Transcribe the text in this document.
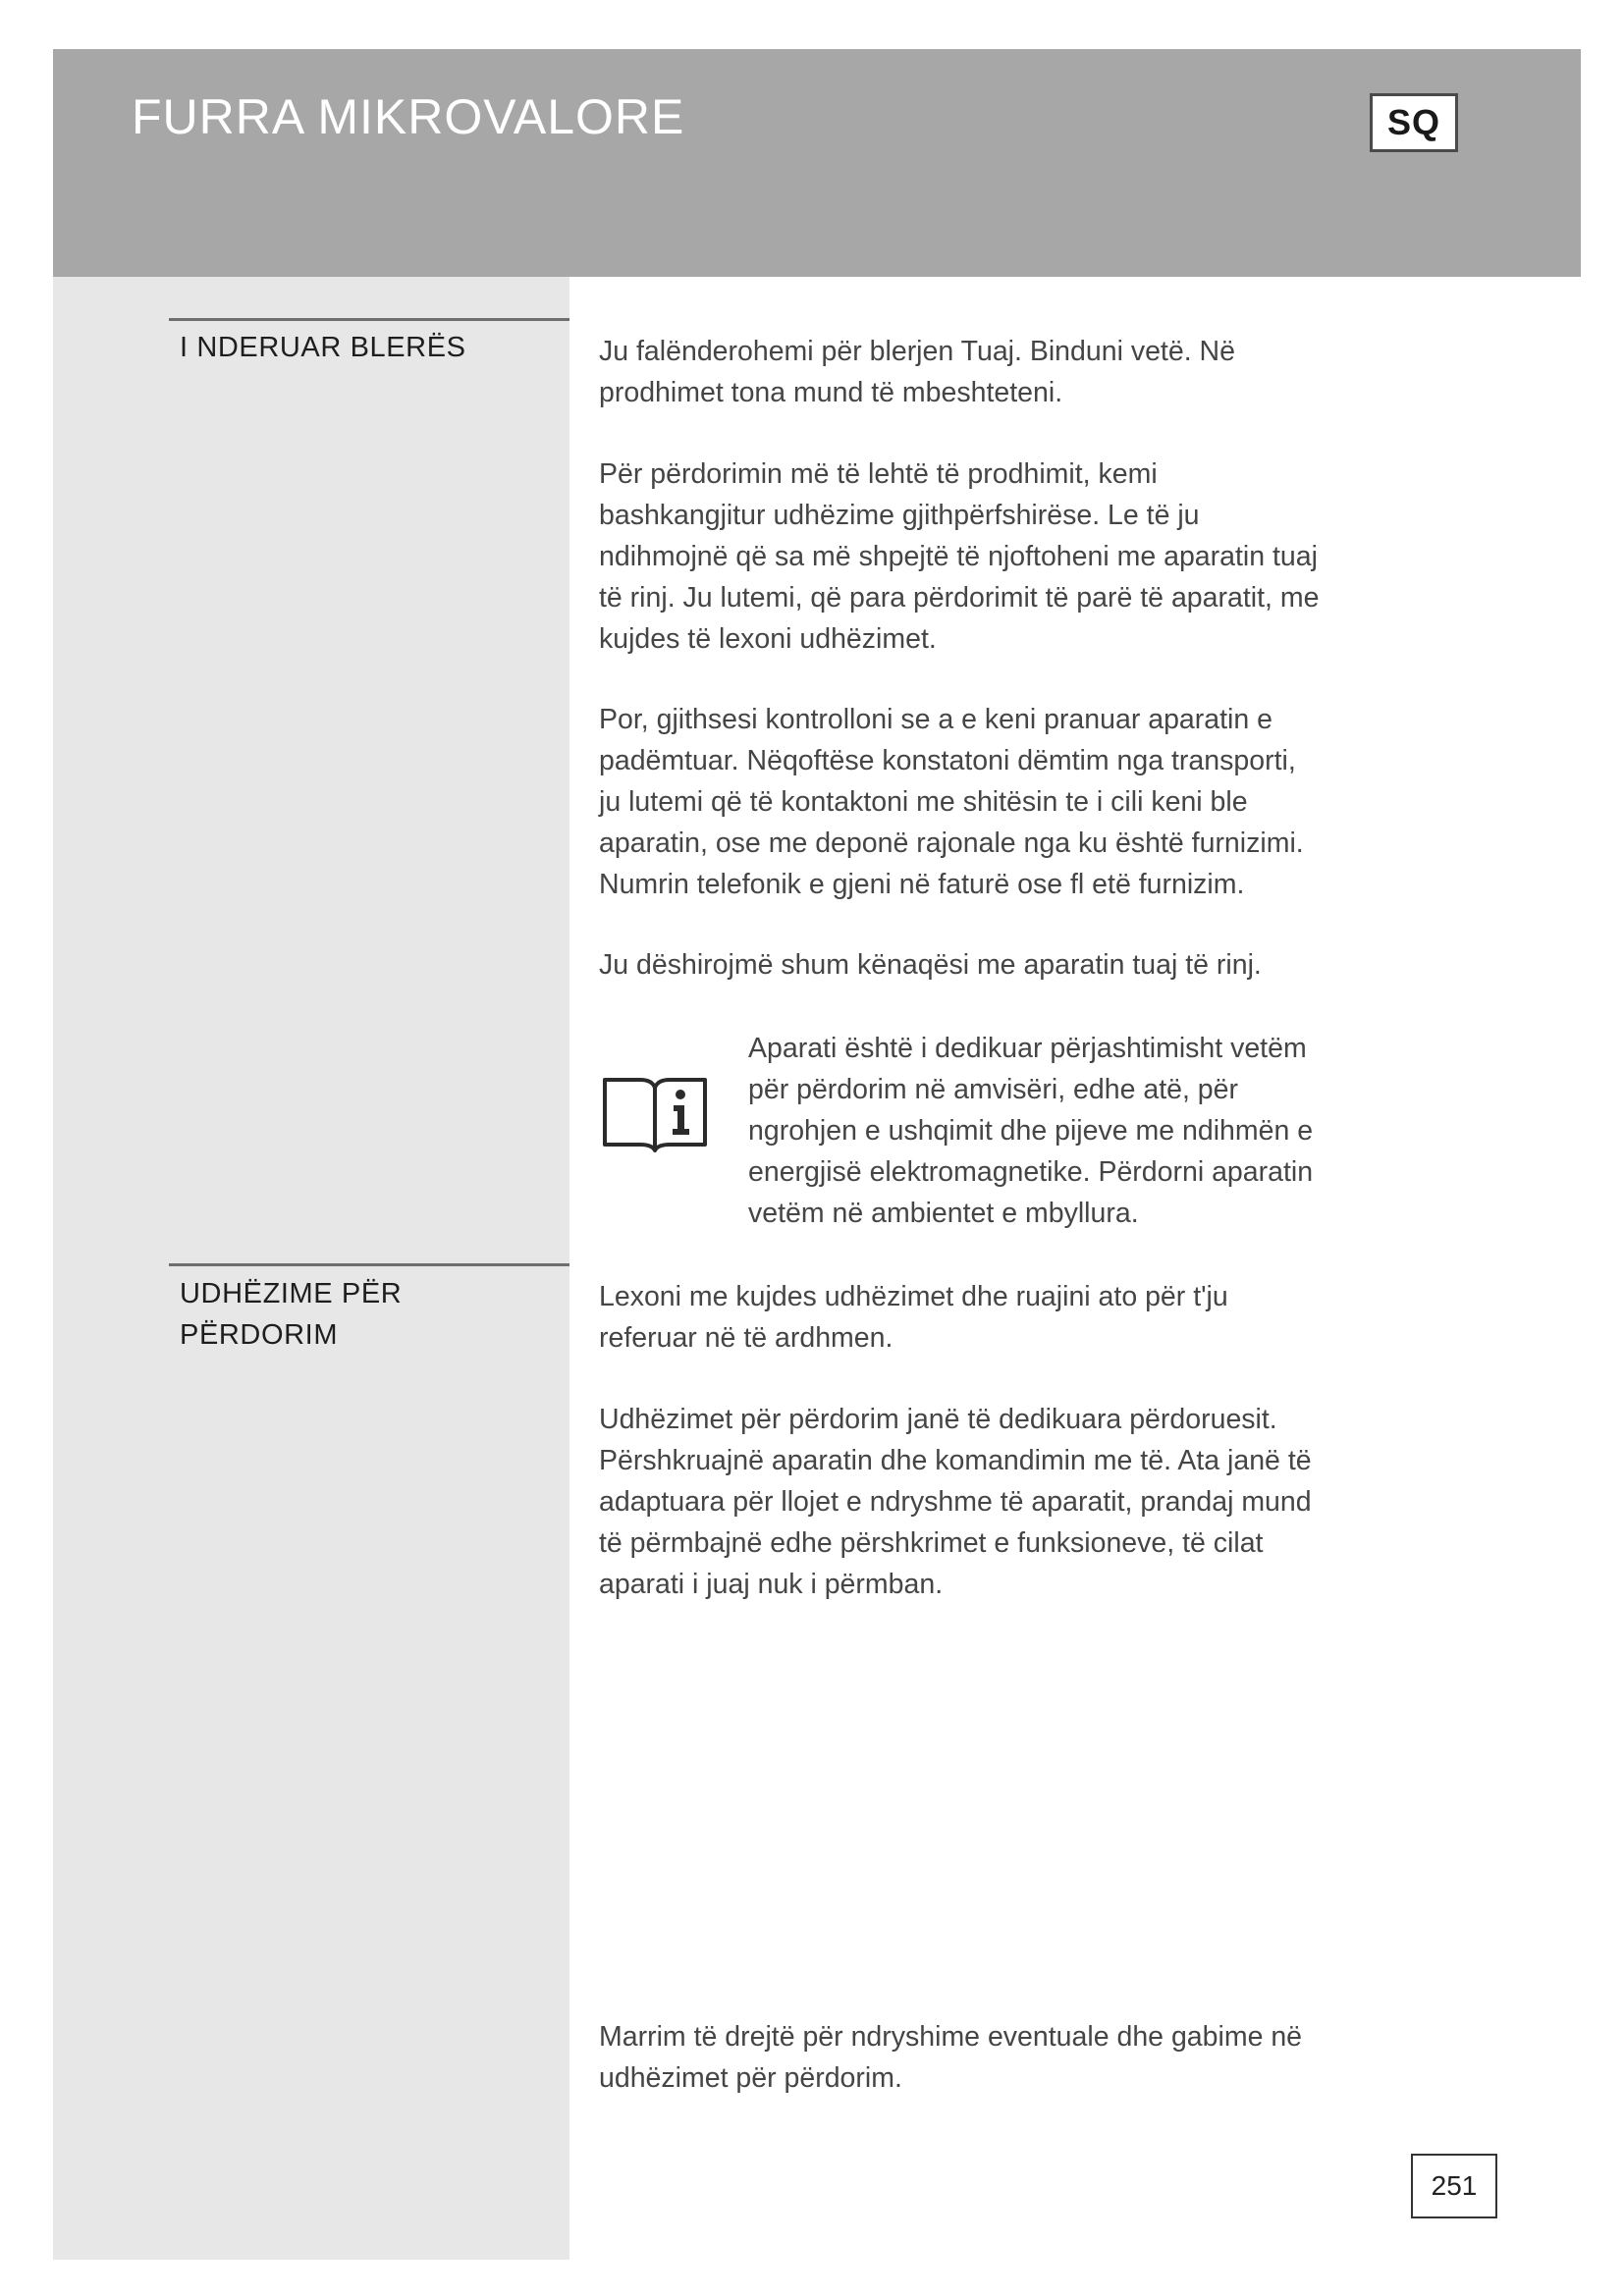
FURRA MIKROVALORE	SQ
I NDERUAR BLERËS	Ju falënderohemi për blerjen Tuaj. Binduni vetë. Në
prodhimet tona mund të mbeshteteni.

Për përdorimin më të lehtë të prodhimit, kemi
bashkangjitur udhëzime gjithpërfshirëse. Le të ju
ndihmojnë që sa më shpejtë të njoftoheni me aparatin tuaj
të rinj. Ju lutemi, që para përdorimit të parë të aparatit, me
kujdes të lexoni udhëzimet.

Por, gjithsesi kontrolloni se a e keni pranuar aparatin e
padëmtuar. Nëqoftëse konstatoni dëmtim nga transporti,
ju lutemi që të kontaktoni me shitësin te i cili keni ble
aparatin, ose me deponë rajonale nga ku është furnizimi.
Numrin telefonik e gjeni në faturë ose fl etë furnizim.

Ju dëshirojmë shum kënaqësi me aparatin tuaj të rinj.

Aparati është i dedikuar përjashtimisht vetëm
për përdorim në amvisëri, edhe atë, për
ngrohjen e ushqimit dhe pijeve me ndihmën e
energjisë elektromagnetike. Përdorni aparatin
vetëm në ambientet e mbyllura.

UDHËZIME PËR
PËRDORIM

Lexoni me kujdes udhëzimet dhe ruajini ato për t'ju
referuar në të ardhmen.

Udhëzimet për përdorim janë të dedikuara përdoruesit.
Përshkruajnë aparatin dhe komandimin me të. Ata janë të
adaptuara për llojet e ndryshme të aparatit, prandaj mund
të përmbajnë edhe përshkrimet e funksioneve, të cilat
aparati i juaj nuk i përmban.

Marrim të drejtë për ndryshime eventuale dhe gabime në
udhëzimet për përdorim.

251
